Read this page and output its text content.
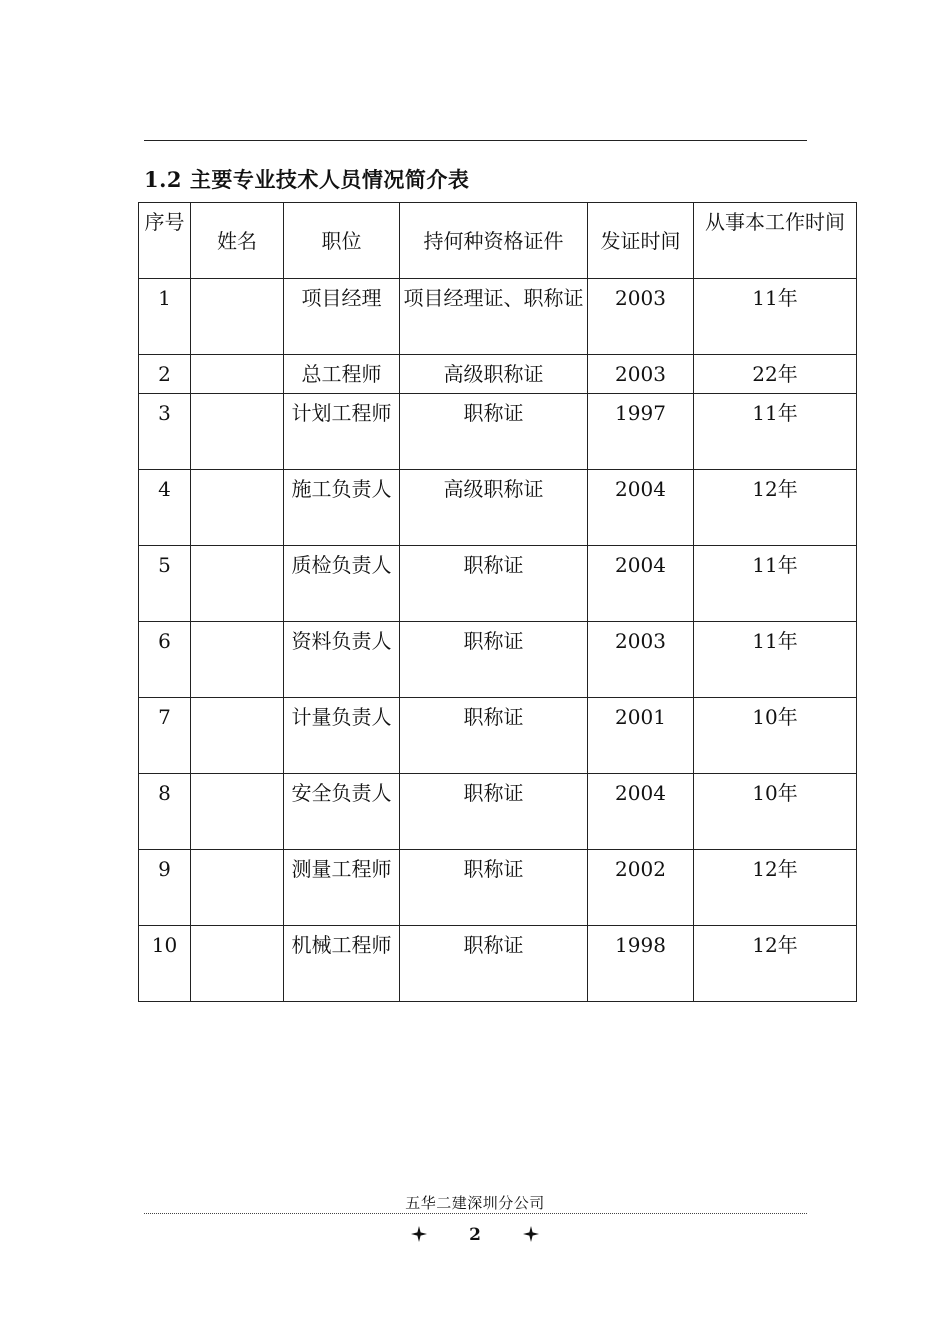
1.2 主要专业技术人员情况简介表
序号	姓名	职位	持何种资格证件	发证时间	从事本工作时间
1		项目经理	项目经理证、职称证	2003	11年
2		总工程师	高级职称证	2003	22年
3		计划工程师	职称证	1997	11年
4		施工负责人	高级职称证	2004	12年
5		质检负责人	职称证	2004	11年
6		资料负责人	职称证	2003	11年
7		计量负责人	职称证	2001	10年
8		安全负责人	职称证	2004	10年
9		测量工程师	职称证	2002	12年
10		机械工程师	职称证	1998	12年
五华二建深圳分公司
2
